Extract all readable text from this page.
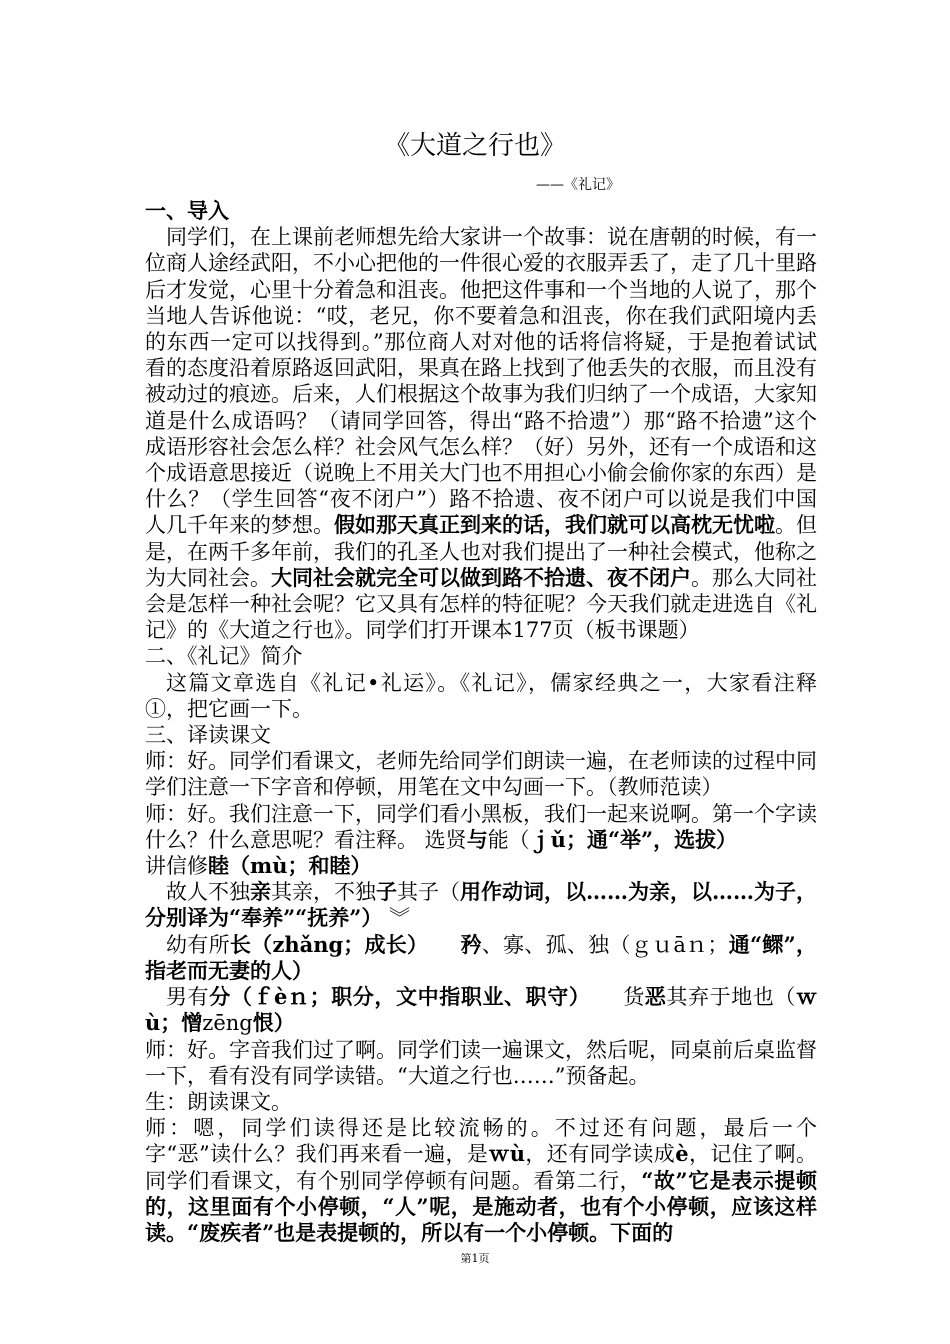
《大道之行也》
——《礼记》

一、导入

同学们，在上课前老师想先给大家讲一个故事：说在唐朝的时候，有一位商人途经武阳，不小心把他的一件很心爱的衣服弄丢了，走了几十里路后才发觉，心里十分着急和沮丧。他把这件事和一个当地的人说了，那个当地人告诉他说：“哎，老兄，你不要着急和沮丧，你在我们武阳境内丢的东西一定可以找得到。”那位商人对对他的话将信将疑，于是抱着试试看的态度沿着原路返回武阳，果真在路上找到了他丢失的衣服，而且没有被动过的痕迹。后来，人们根据这个故事为我们归纳了一个成语，大家知道是什么成语吗？（请同学回答，得出“路不拾遗”）那“路不拾遗”这个成语形容社会怎么样？社会风气怎么样？（好）另外，还有一个成语和这个成语意思接近（说晚上不用关大门也不用担心小偷会偷你家的东西）是什么？（学生回答“夜不闭户”）路不拾遗、夜不闭户可以说是我们中国人几千年来的梦想。假如那天真正到来的话，我们就可以高枕无忧啦。但是，在两千多年前，我们的孔圣人也对我们提出了一种社会模式，他称之为大同社会。大同社会就完全可以做到路不拾遗、夜不闭户。那么大同社会是怎样一种社会呢？它又具有怎样的特征呢？今天我们就走进选自《礼记》的《大道之行也》。同学们打开课本177页（板书课题）

二、《礼记》简介

这篇文章选自《礼记•礼运》。《礼记》，儒家经典之一，大家看注释①，把它画一下。

三、译读课文

师：好。同学们看课文，老师先给同学们朗读一遍，在老师读的过程中同学们注意一下字音和停顿，用笔在文中勾画一下。（教师范读）

师：好。我们注意一下，同学们看小黑板，我们一起来说啊。第一个字读什么？什么意思呢？看注释。 选贤与能（ｊǔ；通“举”，选拔）
讲信修睦（mù；和睦）

故人不独亲其亲，不独子其子（用作动词，以……为亲，以……为子，分别译为“奉养”“抚养”） ︾

幼有所长（zhǎng；成长）　　 矜、寡、孤、独（ｇｕāｎ；通“鳏”，指老而无妻的人）

男有分（ｆèｎ；职分，文中指职业、职守）　　 货恶其弃于地也（ｗù；憎zēng恨）

师：好。字音我们过了啊。同学们读一遍课文，然后呢，同桌前后桌监督一下，看有没有同学读错。“大道之行也……”预备起。

生：朗读课文。

师：嗯，同学们读得还是比较流畅的。不过还有问题，最后一个字“恶”读什么？我们再来看一遍，是ｗù，还有同学读成è，记住了啊。同学们看课文，有个别同学停顿有问题。看第二行，“故”它是表示提顿的，这里面有个小停顿，“人”呢，是施动者，也有个小停顿，应该这样读。“废疾者”也是表提顿的，所以有一个小停顿。下面的

第1页
